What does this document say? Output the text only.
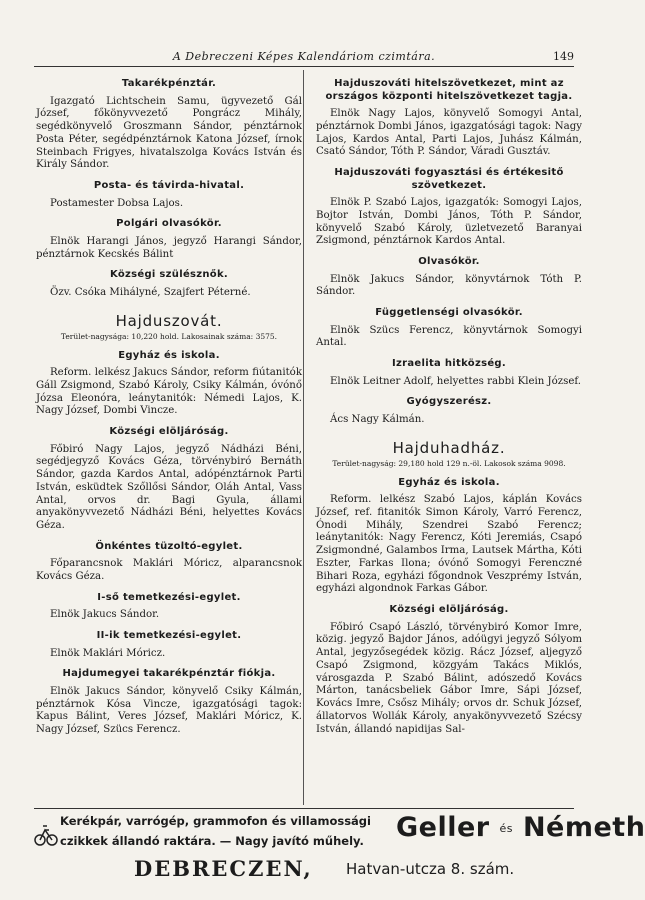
A Debreczeni Képes Kalendáriom czimtára.	149
Takarékpénztár.

Igazgató Lichtschein Samu, ügyvezető Gál József, főkönyvvezető Pongrácz Mihály, segédkönyvelő Groszmann Sándor, pénztárnok Posta Péter, segédpénztárnok Katona József, írnok Steinbach Frigyes, hivatalszolga Kovács István és Király Sándor.

Posta- és távirda-hivatal.

Postamester Dobsa Lajos.

Polgári olvasókör.

Elnök Harangi János, jegyző Harangi Sándor, pénztárnok Kecskés Bálint

Községi szülésznők.

Özv. Csóka Mihályné, Szajfert Péterné.

Hajduszovát.
Terület-nagysága: 10,220 hold. Lakosainak száma: 3575.
Egyház és iskola.

Reform. lelkész Jakucs Sándor, reform fiútanitók Gáll Zsigmond, Szabó Károly, Csiky Kálmán, óvónő Józsa Eleonóra, leánytanitók: Némedi Lajos, K. Nagy József, Dombi Vincze.

Községi elöljáróság.

Főbiró Nagy Lajos, jegyző Nádházi Béni, segédjegyző Kovács Géza, törvénybiró Bernáth Sándor, gazda Kardos Antal, adópénztárnok Parti István, esküdtek Szőllősi Sándor, Oláh Antal, Vass Antal, orvos dr. Bagi Gyula, állami anyakönyvvezető Nádházi Béni, helyettes Kovács Géza.

Önkéntes tüzoltó-egylet.

Főparancsnok Maklári Móricz, alparancsnok Kovács Géza.

I-ső temetkezési-egylet.

Elnök Jakucs Sándor.

II-ik temetkezési-egylet.

Elnök Maklári Móricz.

Hajdumegyei takarékpénztár fiókja.

Elnök Jakucs Sándor, könyvelő Csiky Kálmán, pénztárnok Kósa Vincze, igazgatósági tagok: Kapus Bálint, Veres József, Maklári Móricz, K. Nagy József, Szücs Ferencz.

Hajduszováti hitelszövetkezet, mint az országos központi hitelszövetkezet tagja.

Elnök Nagy Lajos, könyvelő Somogyi Antal, pénztárnok Dombi János, igazgatósági tagok: Nagy Lajos, Kardos Antal, Parti Lajos, Juhász Kálmán, Csató Sándor, Tóth P. Sándor, Váradi Gusztáv.

Hajduszováti fogyasztási és értékesitő szövetkezet.

Elnök P. Szabó Lajos, igazgatók: Somogyi Lajos, Bojtor István, Dombi János, Tóth P. Sándor, könyvelő Szabó Károly, üzletvezető Baranyai Zsigmond, pénztárnok Kardos Antal.

Olvasókör.

Elnök Jakucs Sándor, könyvtárnok Tóth P. Sándor.

Függetlenségi olvasókör.

Elnök Szücs Ferencz, könyvtárnok Somogyi Antal.

Izraelita hitközség.

Elnök Leitner Adolf, helyettes rabbi Klein József.

Gyógyszerész.

Ács Nagy Kálmán.

Hajduhadház.
Terület-nagyság: 29,180 hold 129 n.-öl. Lakosok száma 9098.
Egyház és iskola.

Reform. lelkész Szabó Lajos, káplán Kovács József, ref. fitanitók Simon Károly, Varró Ferencz, Ónodi Mihály, Szendrei Szabó Ferencz; leánytanitók: Nagy Ferencz, Kóti Jeremiás, Csapó Zsigmondné, Galambos Irma, Lautsek Mártha, Kóti Eszter, Farkas Ilona; óvónő Somogyi Ferenczné Bihari Roza, egyházi főgondnok Veszprémy István, egyházi algondnok Farkas Gábor.

Községi elöljáróság.

Főbiró Csapó László, törvénybiró Komor Imre, közig. jegyző Bajdor János, adóügyi jegyző Sólyom Antal, jegyzősegédek közig. Rácz József, aljegyző Csapó Zsigmond, közgyám Takács Miklós, városgazda P. Szabó Bálint, adószedő Kovács Márton, tanácsbeliek Gábor Imre, Sápi József, Kovács Imre, Csősz Mihály; orvos dr. Schuk József, állatorvos Wollák Károly, anyakönyvvezető Szécsy István, állandó napidijas Sal-

Kerékpár, varrógép, grammofon és villamossági
czikkek állandó raktára. — Nagy javító műhely. Geller és Németh
DEBRECZEN, Hatvan-utcza 8. szám.
